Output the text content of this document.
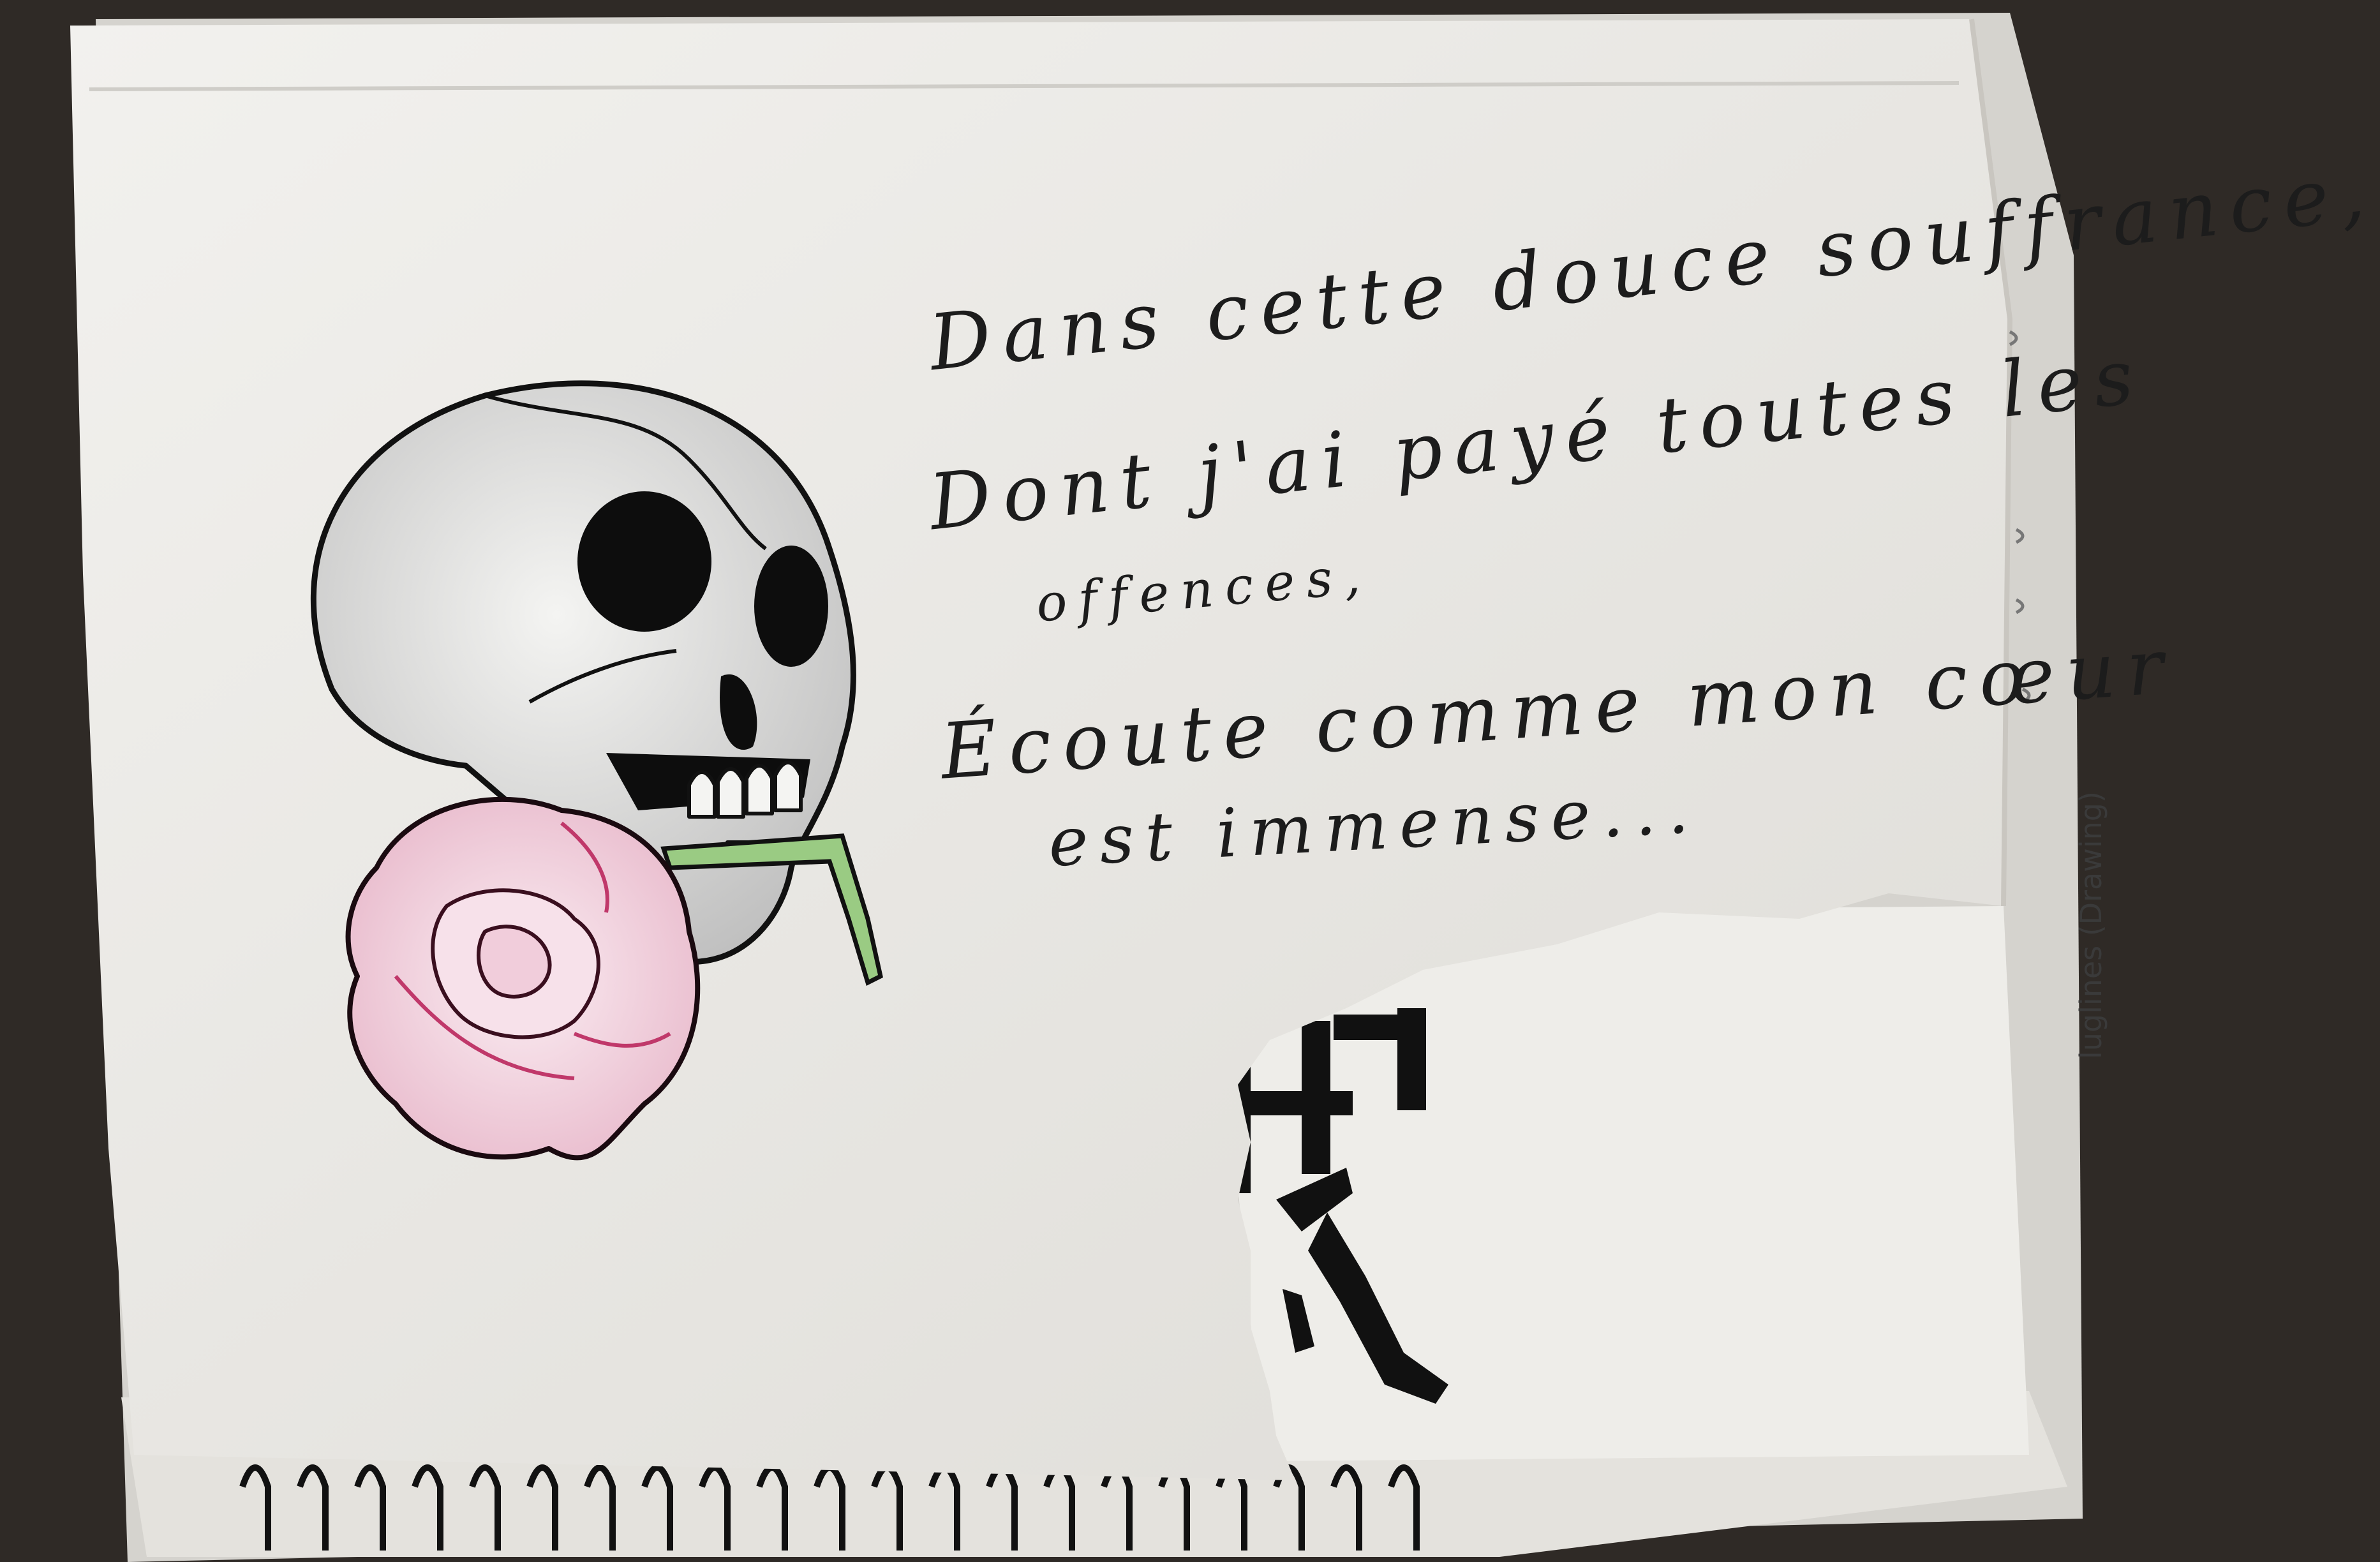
Dans cette douce souffrance,
Dont j'ai payé toutes les
offences,
Écoute comme mon cœur
est immense...	luglines (Drawing)
